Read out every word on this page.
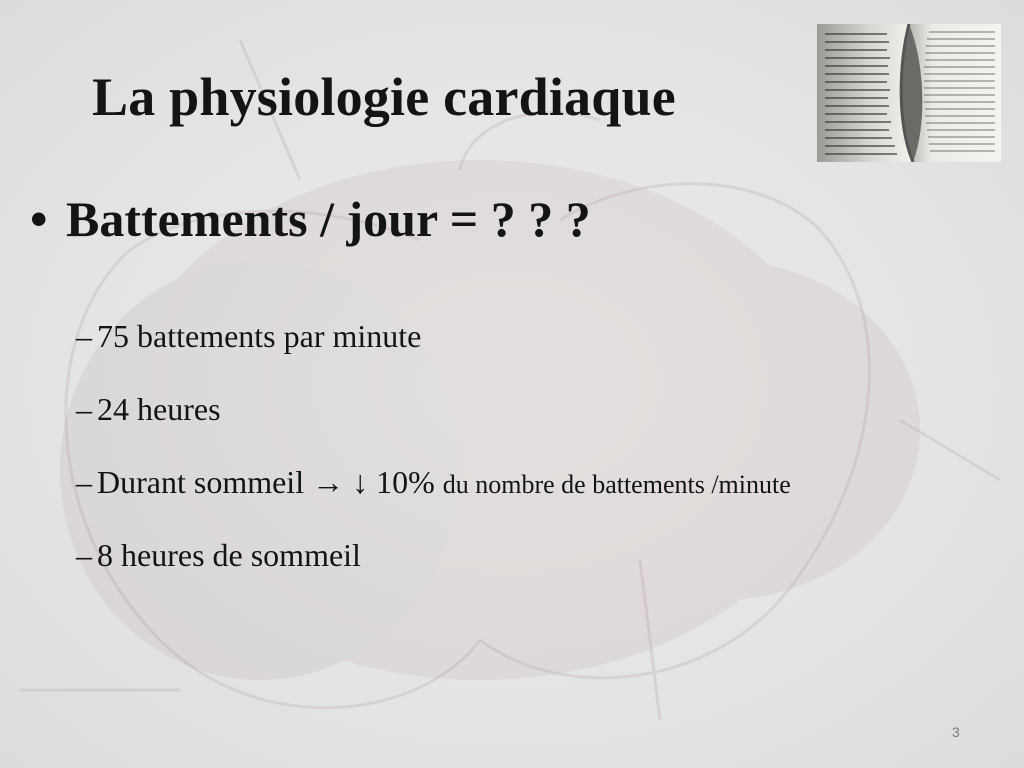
La physiologie cardiaque
• Battements / jour = ? ? ?
– 75 battements par minute
– 24 heures
– Durant sommeil → ↓ 10% du nombre de battements /minute
– 8 heures de sommeil
3
